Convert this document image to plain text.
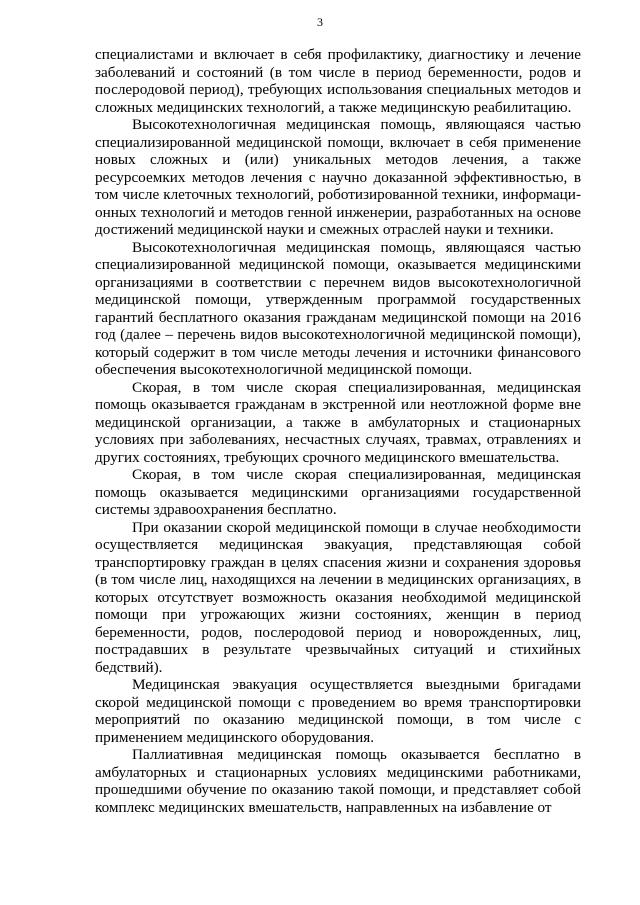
3

специалистами и включает в себя профилактику, диагностику и лечение заболеваний и состояний (в том числе в период беременности, родов и послеродовой период), требующих использования специальных методов и сложных медицинских технологий, а также медицинскую реабилитацию.

Высокотехнологичная медицинская помощь, являющаяся частью специализированной медицинской помощи, включает в себя применение новых сложных и (или) уникальных методов лечения, а также ресурсоемких методов лечения с научно доказанной эффективностью, в том числе клеточных технологий, роботизированной техники, информационных технологий и методов генной инженерии, разработанных на основе достижений медицинской науки и смежных отраслей науки и техники.

Высокотехнологичная медицинская помощь, являющаяся частью специализированной медицинской помощи, оказывается медицинскими организациями в соответствии с перечнем видов высокотехнологичной медицинской помощи, утвержденным программой государственных гарантий бесплатного оказания гражданам медицинской помощи на 2016 год (далее – перечень видов высокотехнологичной медицинской помощи), который содержит в том числе методы лечения и источники финансового обеспечения высокотехнологичной медицинской помощи.

Скорая, в том числе скорая специализированная, медицинская помощь оказывается гражданам в экстренной или неотложной форме вне медицинской организации, а также в амбулаторных и стационарных условиях при заболеваниях, несчастных случаях, травмах, отравлениях и других состояниях, требующих срочного медицинского вмешательства.

Скорая, в том числе скорая специализированная, медицинская помощь оказывается медицинскими организациями государственной системы здравоохранения бесплатно.

При оказании скорой медицинской помощи в случае необходимости осуществляется медицинская эвакуация, представляющая собой транспортировку граждан в целях спасения жизни и сохранения здоровья (в том числе лиц, находящихся на лечении в медицинских организациях, в которых отсутствует возможность оказания необходимой медицинской помощи при угрожающих жизни состояниях, женщин в период беременности, родов, послеродовой период и новорожденных, лиц, пострадавших в результате чрезвычайных ситуаций и стихийных бедствий).

Медицинская эвакуация осуществляется выездными бригадами скорой медицинской помощи с проведением во время транспортировки мероприятий по оказанию медицинской помощи, в том числе с применением медицинского оборудования.

Паллиативная медицинская помощь оказывается бесплатно в амбулаторных и стационарных условиях медицинскими работниками, прошедшими обучение по оказанию такой помощи, и представляет собой комплекс медицинских вмешательств, направленных на избавление от
